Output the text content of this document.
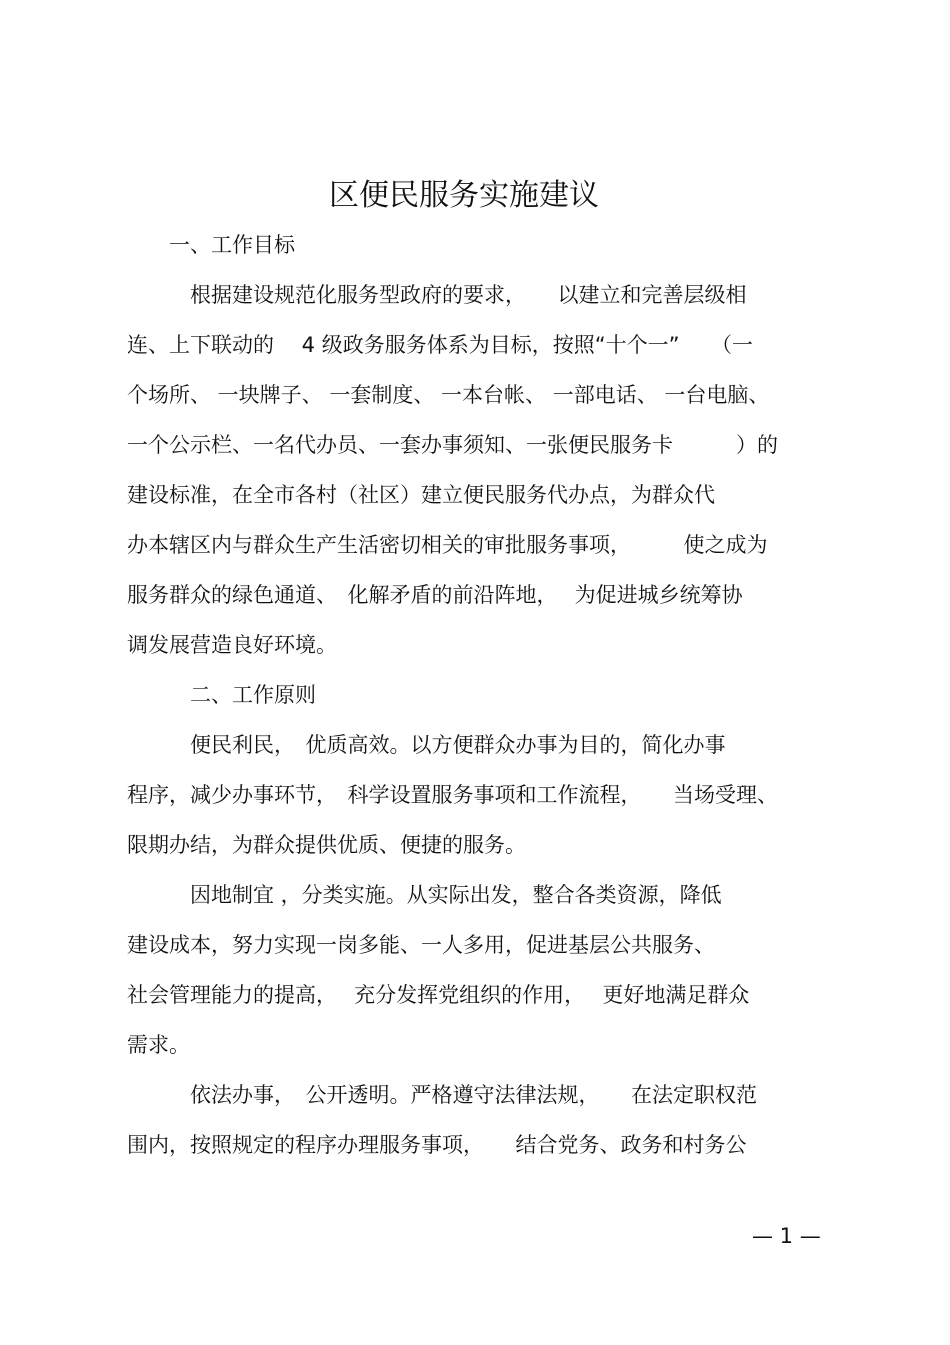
区便民服务实施建议
　　一、工作目标
　　　根据建设规范化服务型政府的要求，　　以建立和完善层级相
连、上下联动的　 4 级政务服务体系为目标，按照“十个一”　　（一
个场所、 一块牌子、 一套制度、 一本台帐、 一部电话、 一台电脑、
一个公示栏、一名代办员、一套办事须知、一张便民服务卡　　　）的
建设标准，在全市各村（社区）建立便民服务代办点，为群众代
办本辖区内与群众生产生活密切相关的审批服务事项，　　　使之成为
服务群众的绿色通道、　化解矛盾的前沿阵地，　 为促进城乡统筹协
调发展营造良好环境。
　　　二、工作原则
　　　便民利民，　优质高效。以方便群众办事为目的，简化办事
程序，减少办事环节，　科学设置服务事项和工作流程，　　当场受理、
限期办结，为群众提供优质、便捷的服务。
　　　因地制宜 ，分类实施。从实际出发，整合各类资源，降低
建设成本，努力实现一岗多能、一人多用，促进基层公共服务、
社会管理能力的提高，　 充分发挥党组织的作用，　 更好地满足群众
需求。
　　　依法办事，　公开透明。严格遵守法律法规，　　在法定职权范
围内，按照规定的程序办理服务事项，　　结合党务、政务和村务公
— 1 —
